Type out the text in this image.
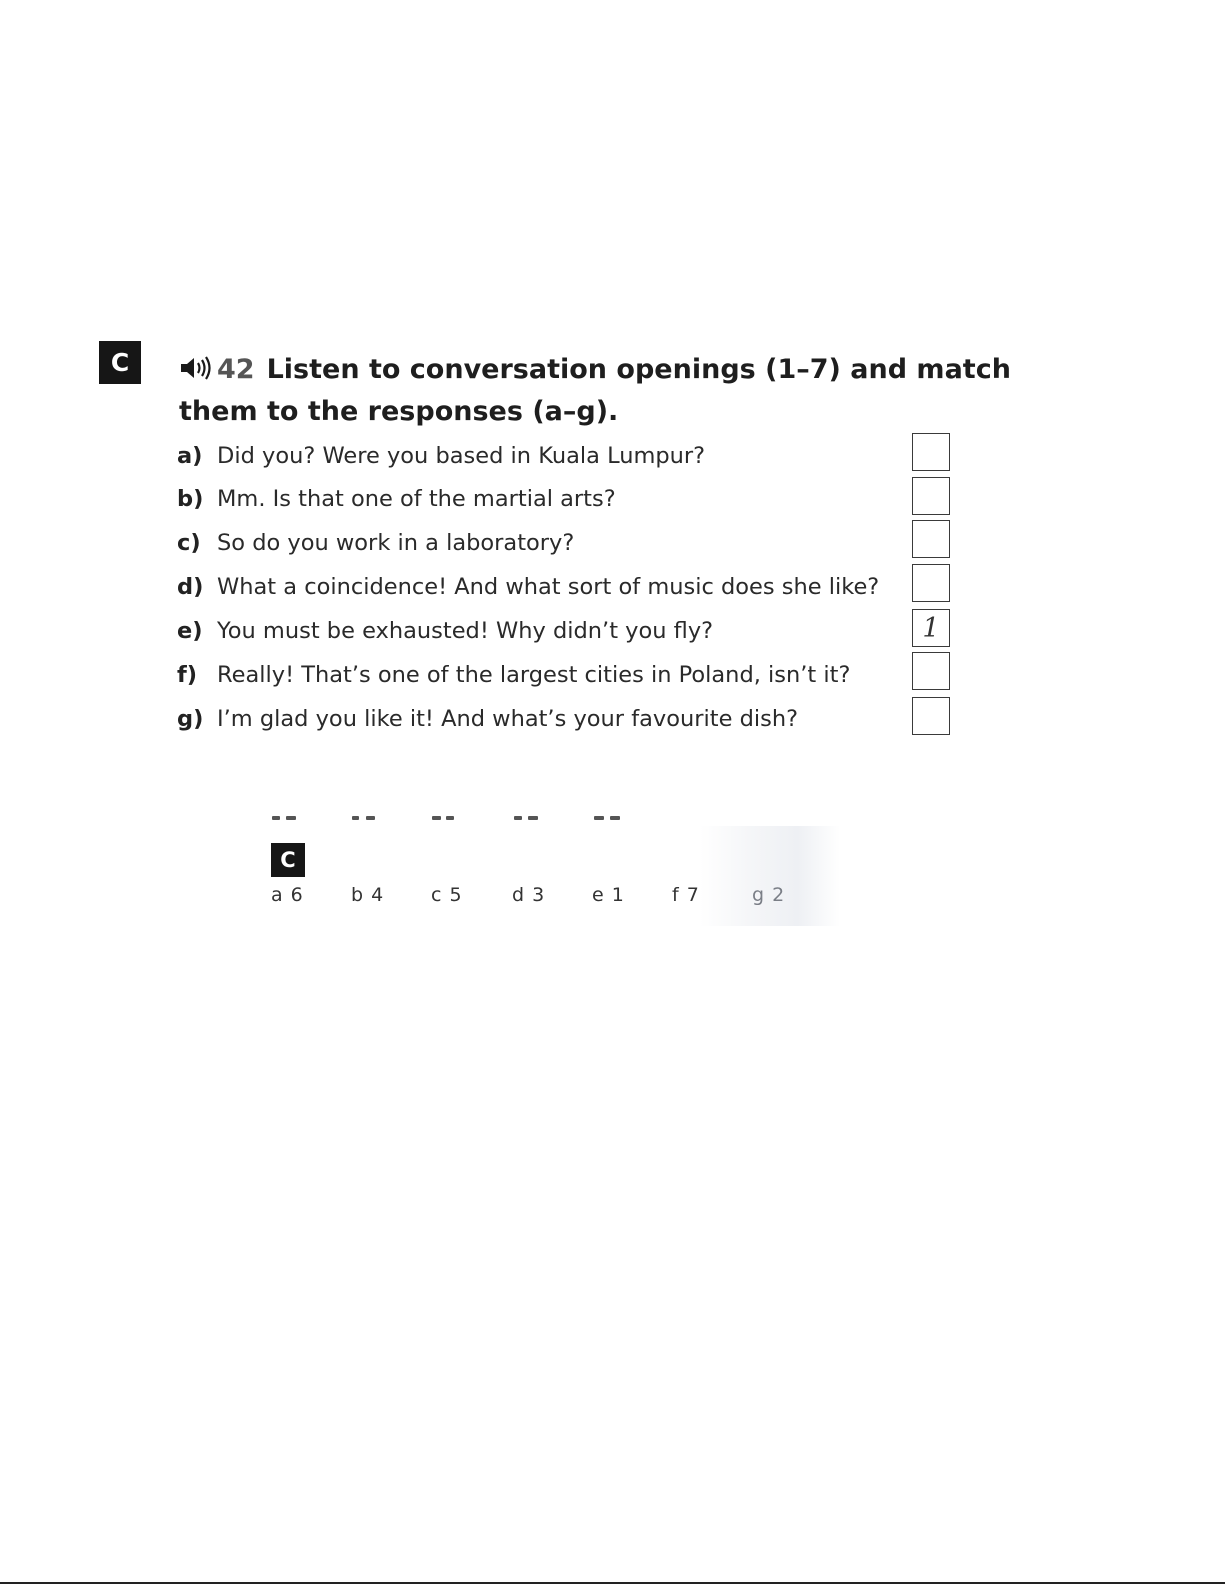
C	42 Listen to conversation openings (1–7) and match them to the responses (a–g).
a) Did you? Were you based in Kuala Lumpur?
b) Mm. Is that one of the martial arts?
c) So do you work in a laboratory?
d) What a coincidence! And what sort of music does she like?
e) You must be exhausted! Why didn’t you fly?	1
f) Really! That’s one of the largest cities in Poland, isn’t it?
g) I’m glad you like it! And what’s your favourite dish?
C
a 6 b 4 c 5	d 3 e 1 f 7	g 2
